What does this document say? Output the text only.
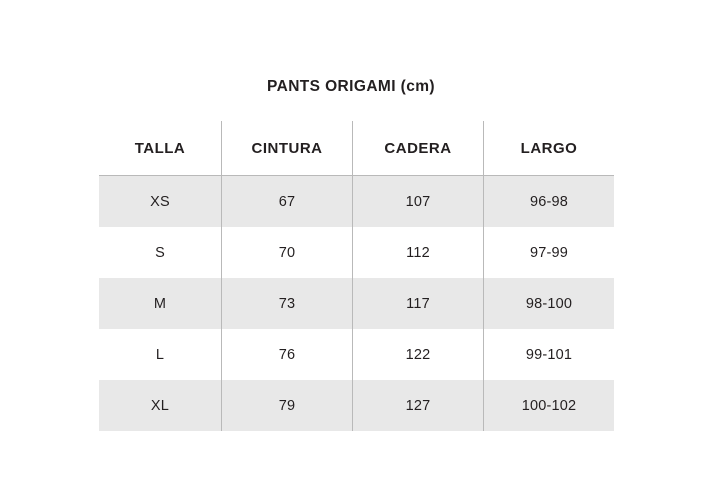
PANTS ORIGAMI (cm)
TALLA	CINTURA	CADERA	LARGO
XS	67	107	96-98
S	70	112	97-99
M	73	117	98-100
L	76	122	99-101
XL	79	127	100-102
